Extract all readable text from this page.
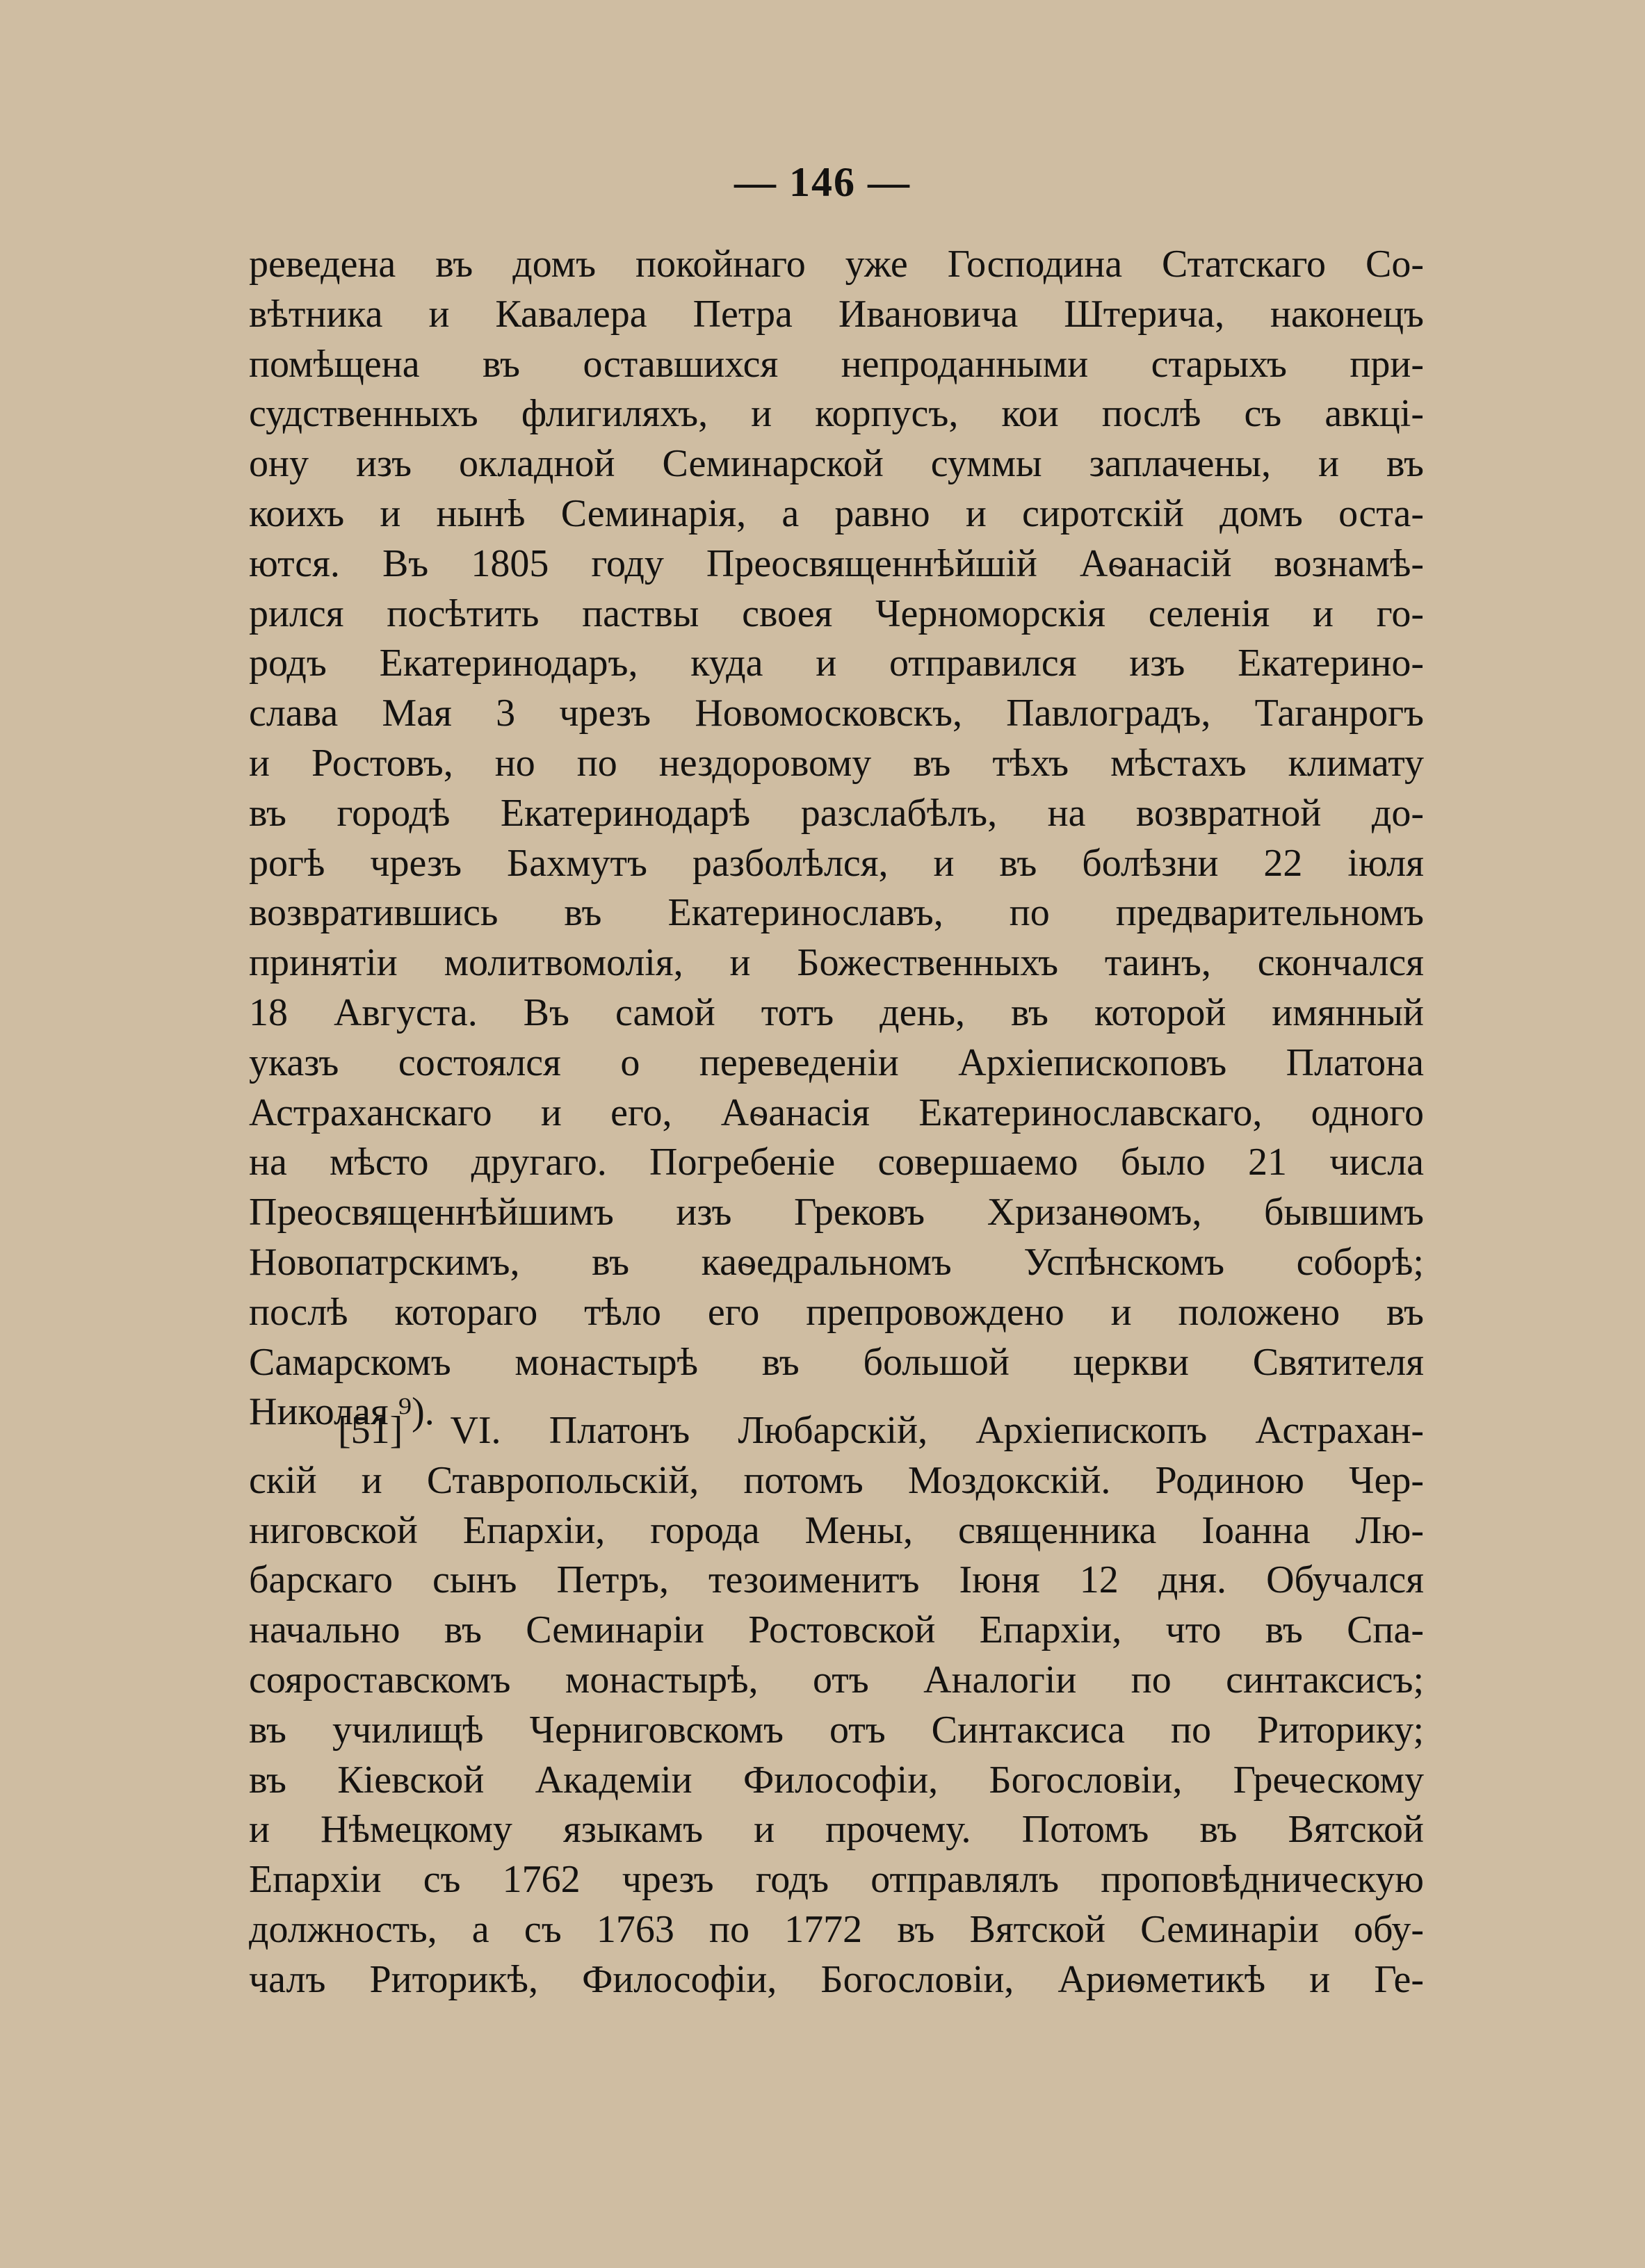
— 146 —
реведена въ домъ покойнаго уже Господина Статскаго Со-
вѣтника и Кавалера Петра Ивановича Штерича, наконецъ
помѣщена въ оставшихся непроданными старыхъ при-
судственныхъ флигиляхъ, и корпусъ, кои послѣ съ авкці-
ону изъ окладной Семинарской суммы заплачены, и въ
коихъ и нынѣ Семинарія, а равно и сиротскій домъ оста-
ются. Въ 1805 году Преосвященнѣйшій Аѳанасій вознамѣ-
рился посѣтить паствы своея Черноморскія селенія и го-
родъ Екатеринодаръ, куда и отправился изъ Екатерино-
слава Мая 3 чрезъ Новомосковскъ, Павлоградъ, Таганрогъ
и Ростовъ, но по нездоровому въ тѣхъ мѣстахъ климату
въ городѣ Екатеринодарѣ разслабѣлъ, на возвратной до-
рогѣ чрезъ Бахмутъ разболѣлся, и въ болѣзни 22 іюля
возвратившись въ Екатеринославъ, по предварительномъ
принятіи молитвомолія, и Божественныхъ таинъ, скончался
18 Августа. Въ самой тотъ день, въ которой имянный
указъ состоялся о переведеніи Архіепископовъ Платона
Астраханскаго и его, Аѳанасія Екатеринославскаго, одного
на мѣсто другаго. Погребеніе совершаемо было 21 числа
Преосвященнѣйшимъ изъ Грековъ Хризанѳомъ, бывшимъ
Новопатрскимъ, въ каѳедральномъ Успѣнскомъ соборѣ;
послѣ котораго тѣло его препровождено и положено въ
Самарскомъ монастырѣ въ большой церкви Святителя
Николая ⁹).
[51] VI. Платонъ Любарскій, Архіепископъ Астрахан-
скій и Ставропольскій, потомъ Моздокскій. Родиною Чер-
ниговской Епархіи, города Мены, священника Іоанна Лю-
барскаго сынъ Петръ, тезоименитъ Іюня 12 дня. Обучался
начально въ Семинаріи Ростовской Епархіи, что въ Спа-
сояроставскомъ монастырѣ, отъ Аналогіи по синтаксисъ;
въ училищѣ Черниговскомъ отъ Синтаксиса по Риторику;
въ Кіевской Академіи Философіи, Богословіи, Греческому
и Нѣмецкому языкамъ и прочему. Потомъ въ Вятской
Епархіи съ 1762 чрезъ годъ отправлялъ проповѣдническую
должность, а съ 1763 по 1772 въ Вятской Семинаріи обу-
чалъ Риторикѣ, Философіи, Богословіи, Ариѳметикѣ и Ге-
